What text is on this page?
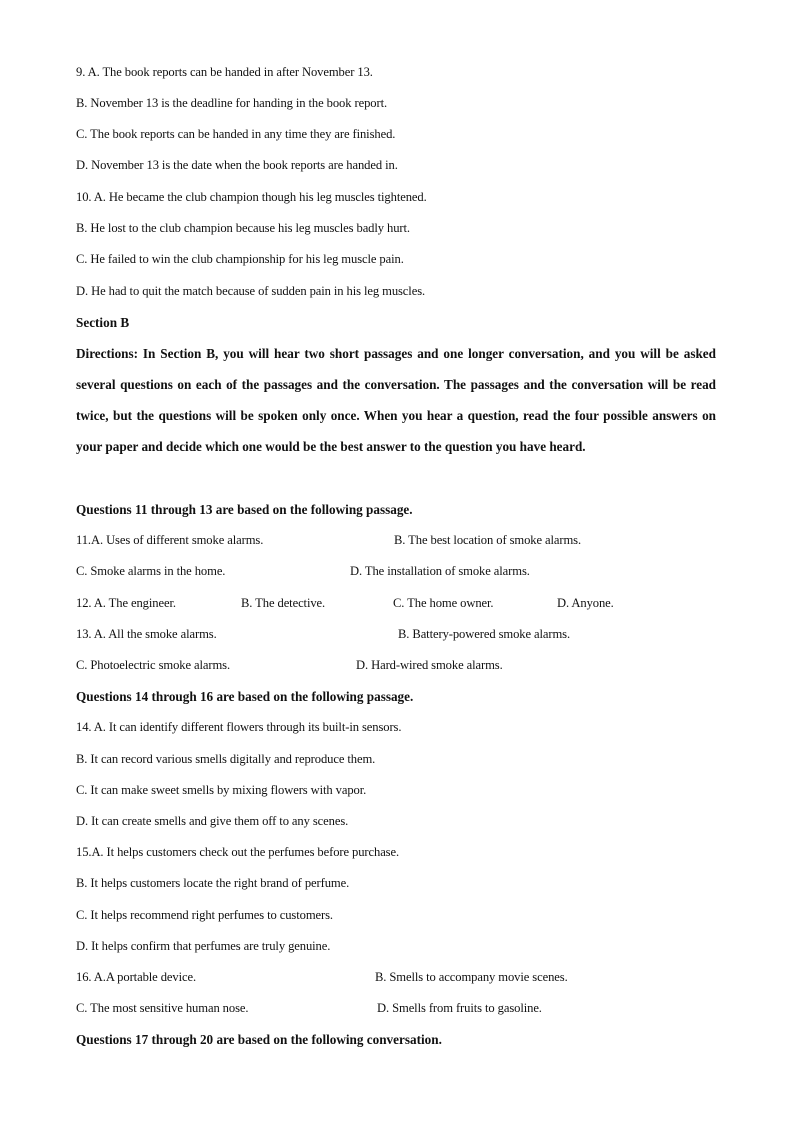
9. A. The book reports can be handed in after November 13.
B. November 13 is the deadline for handing in the book report.
C. The book reports can be handed in any time they are finished.
D. November 13 is the date when the book reports are handed in.
10. A. He became the club champion though his leg muscles tightened.
B. He lost to the club champion because his leg muscles badly hurt.
C. He failed to win the club championship for his leg muscle pain.
D. He had to quit the match because of sudden pain in his leg muscles.
Section B
Directions: In Section B, you will hear two short passages and one longer conversation, and you will be asked several questions on each of the passages and the conversation. The passages and the conversation will be read twice, but the questions will be spoken only once. When you hear a question, read the four possible answers on your paper and decide which one would be the best answer to the question you have heard.
Questions 11 through 13 are based on the following passage.
11.A. Uses of different smoke alarms.	B. The best location of smoke alarms.
C. Smoke alarms in the home.	D. The installation of smoke alarms.
12. A. The engineer.	B. The detective.	C. The home owner.	D. Anyone.
13. A. All the smoke alarms.	B. Battery-powered smoke alarms.
C. Photoelectric smoke alarms.	D. Hard-wired smoke alarms.
Questions 14 through 16 are based on the following passage.
14. A. It can identify different flowers through its built-in sensors.
B. It can record various smells digitally and reproduce them.
C. It can make sweet smells by mixing flowers with vapor.
D. It can create smells and give them off to any scenes.
15.A. It helps customers check out the perfumes before purchase.
B. It helps customers locate the right brand of perfume.
C. It helps recommend right perfumes to customers.
D. It helps confirm that perfumes are truly genuine.
16. A.A portable device.	B. Smells to accompany movie scenes.
C. The most sensitive human nose.	D. Smells from fruits to gasoline.
Questions 17 through 20 are based on the following conversation.
